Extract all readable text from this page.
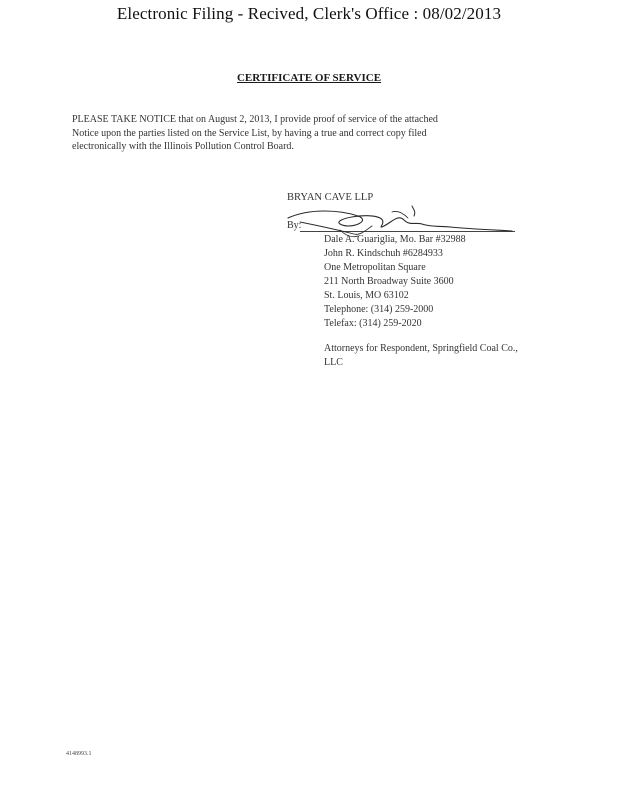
Electronic Filing - Recived, Clerk's Office : 08/02/2013
CERTIFICATE OF SERVICE
PLEASE TAKE NOTICE that on August 2, 2013, I provide proof of service of the attached
Notice upon the parties listed on the Service List, by having a true and correct copy filed
electronically with the Illinois Pollution Control Board.
BRYAN CAVE LLP
By:
Dale A. Guariglia, Mo. Bar #32988
John R. Kindschuh #6284933
One Metropolitan Square
211 North Broadway Suite 3600
St. Louis, MO 63102
Telephone: (314) 259-2000
Telefax: (314) 259-2020
Attorneys for Respondent, Springfield Coal Co., LLC
4148993.1
